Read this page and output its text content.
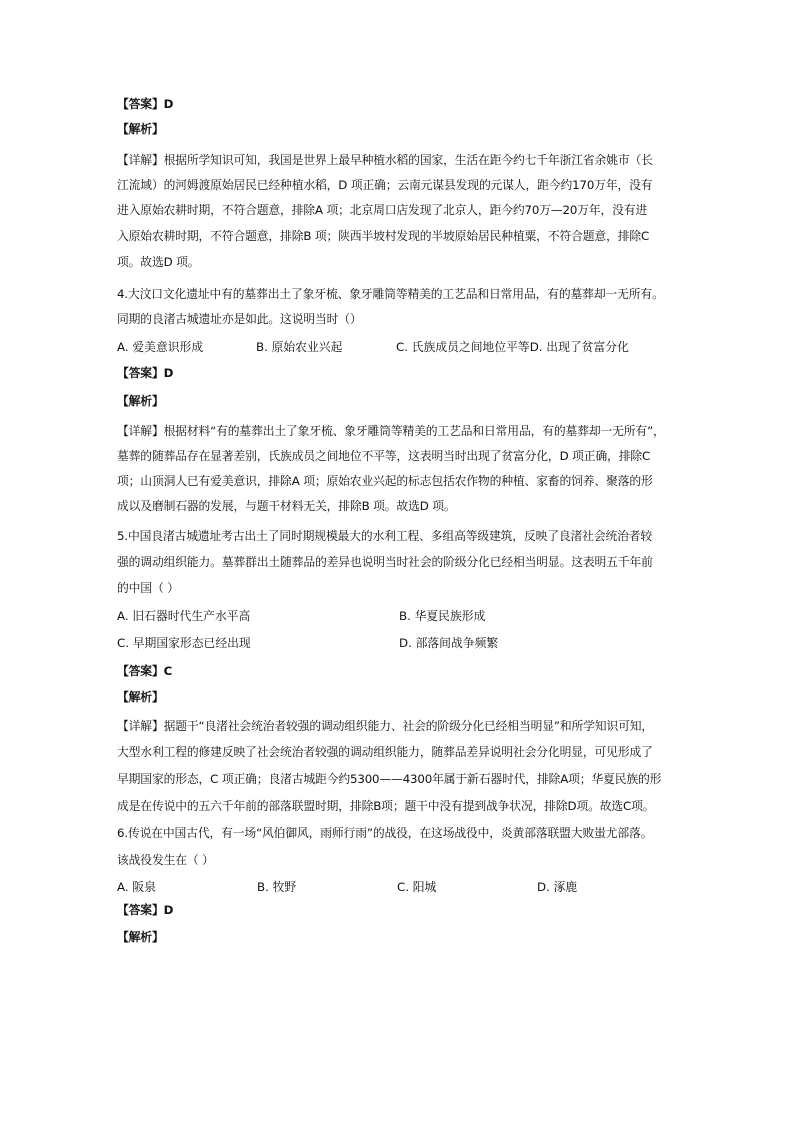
【答案】D
【解析】
【详解】根据所学知识可知，我国是世界上最早种植水稻的国家，生活在距今约七千年浙江省余姚市（长
江流域）的河姆渡原始居民已经种植水稻，D 项正确；云南元谋县发现的元谋人，距今约170万年，没有
进入原始农耕时期，不符合题意，排除A 项；北京周口店发现了北京人，距今约70万—20万年，没有进
入原始农耕时期，不符合题意，排除B 项；陕西半坡村发现的半坡原始居民种植粟，不符合题意，排除C
项。故选D 项。
4.大汶口文化遗址中有的墓葬出土了象牙梳、象牙雕筒等精美的工艺品和日常用品，有的墓葬却一无所有。
同期的良渚古城遗址亦是如此。这说明当时（）
A. 爱美意识形成	B. 原始农业兴起	C. 氏族成员之间地位平等D. 出现了贫富分化
【答案】D
【解析】
【详解】根据材料“有的墓葬出土了象牙梳、象牙雕筒等精美的工艺品和日常用品，有的墓葬却一无所有”，
墓葬的随葬品存在显著差别，氏族成员之间地位不平等，这表明当时出现了贫富分化，D 项正确，排除C
项；山顶洞人已有爱美意识，排除A 项；原始农业兴起的标志包括农作物的种植、家畜的饲养、聚落的形
成以及磨制石器的发展，与题干材料无关，排除B 项。故选D 项。
5.中国良渚古城遗址考古出土了同时期规模最大的水利工程、多组高等级建筑，反映了良渚社会统治者较
强的调动组织能力。墓葬群出土随葬品的差异也说明当时社会的阶级分化已经相当明显。这表明五千年前
的中国（ ）
A. 旧石器时代生产水平高	B. 华夏民族形成
C. 早期国家形态已经出现	D. 部落间战争频繁
【答案】C
【解析】
【详解】据题干“良渚社会统治者较强的调动组织能力、社会的阶级分化已经相当明显”和所学知识可知，
大型水利工程的修建反映了社会统治者较强的调动组织能力，随葬品差异说明社会分化明显，可见形成了
早期国家的形态，C 项正确；良渚古城距今约5300——4300年属于新石器时代，排除A项；华夏民族的形
成是在传说中的五六千年前的部落联盟时期，排除B项；题干中没有提到战争状况，排除D项。故选C项。
6.传说在中国古代，有一场“风伯御风，雨师行雨”的战役，在这场战役中，炎黄部落联盟大败蚩尤部落。
该战役发生在（ ）
A. 阪泉	B. 牧野	C. 阳城	D. 涿鹿
【答案】D
【解析】
